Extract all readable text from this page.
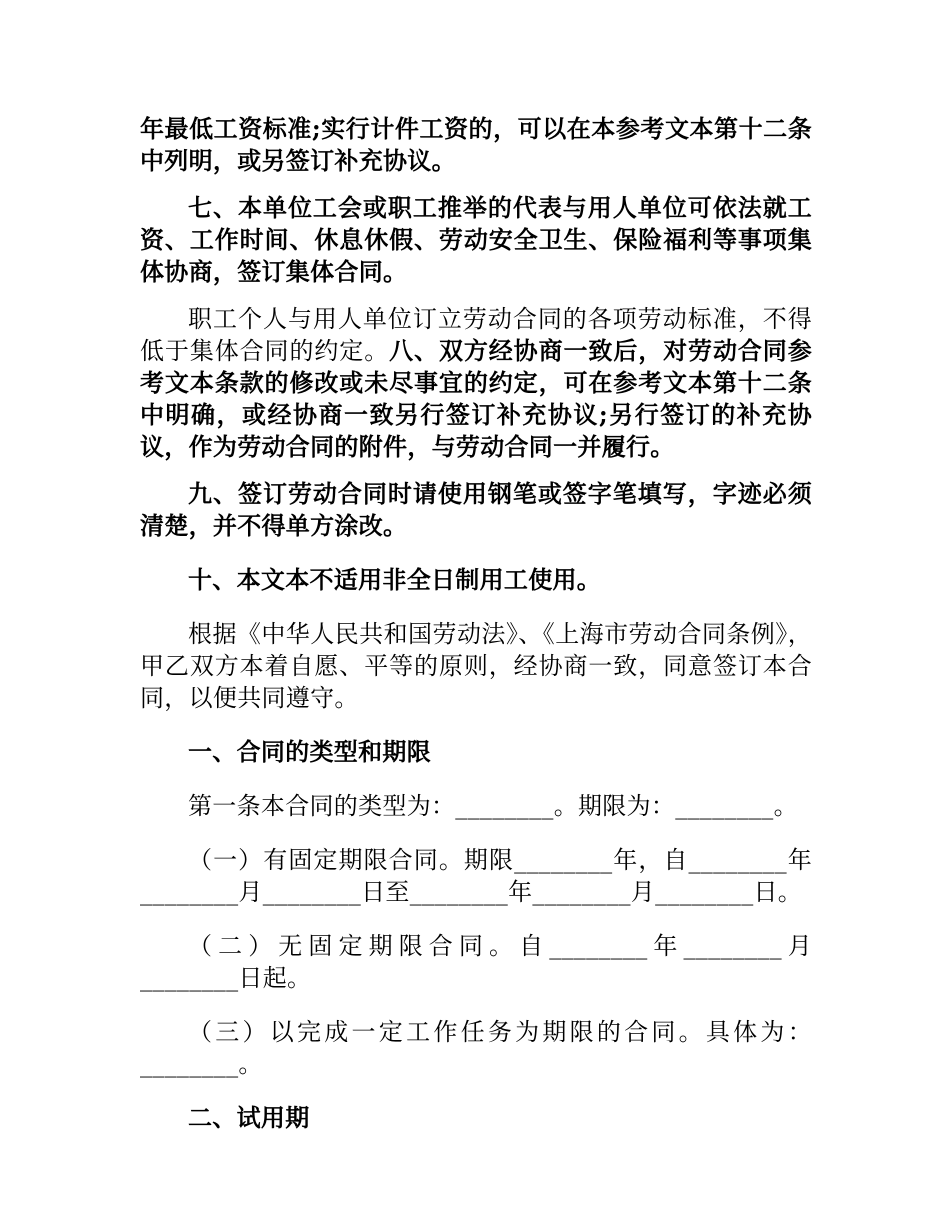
年最低工资标准;实行计件工资的，可以在本参考文本第十二条中列明，或另签订补充协议。

七、本单位工会或职工推举的代表与用人单位可依法就工资、工作时间、休息休假、劳动安全卫生、保险福利等事项集体协商，签订集体合同。

职工个人与用人单位订立劳动合同的各项劳动标准，不得低于集体合同的约定。八、双方经协商一致后，对劳动合同参考文本条款的修改或未尽事宜的约定，可在参考文本第十二条中明确，或经协商一致另行签订补充协议;另行签订的补充协议，作为劳动合同的附件，与劳动合同一并履行。

九、签订劳动合同时请使用钢笔或签字笔填写，字迹必须清楚，并不得单方涂改。

十、本文本不适用非全日制用工使用。

根据《中华人民共和国劳动法》、《上海市劳动合同条例》，甲乙双方本着自愿、平等的原则，经协商一致，同意签订本合同，以便共同遵守。

一、合同的类型和期限

第一条本合同的类型为：________。期限为：________。

（一）有固定期限合同。期限________年，自________年________月________日至________年________月________日。

（二）无固定期限合同。自________年________月________日起。

（三）以完成一定工作任务为期限的合同。具体为：________。

二、试用期
